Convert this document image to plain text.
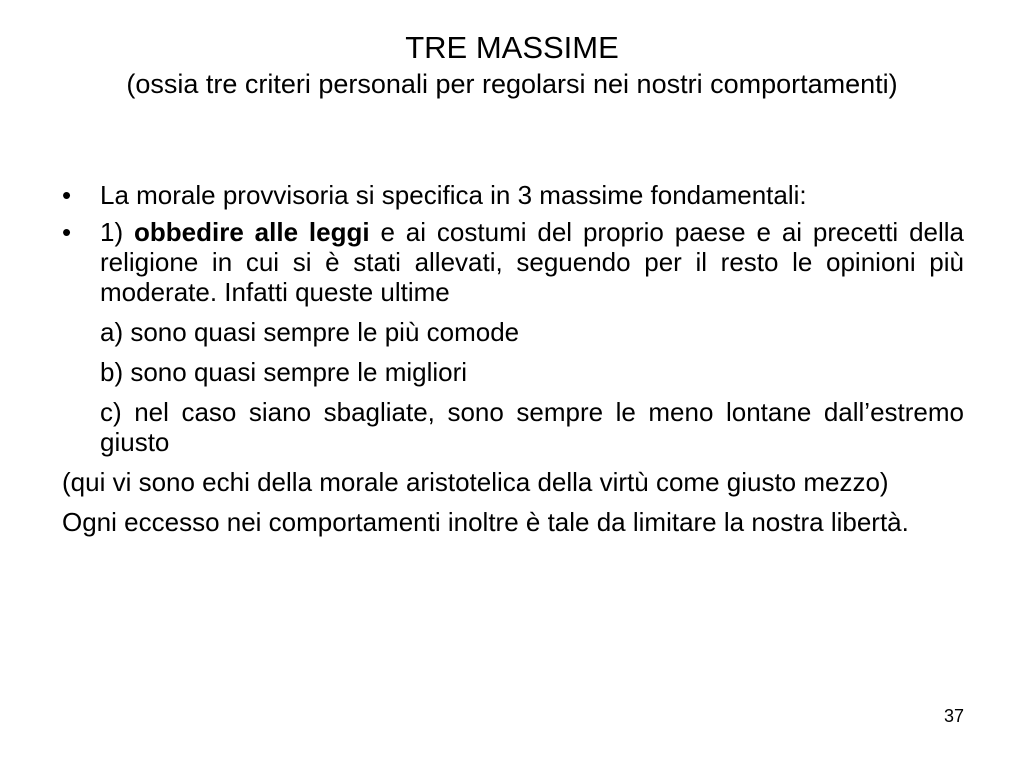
TRE MASSIME
(ossia tre criteri personali per regolarsi nei nostri comportamenti)
•	La morale provvisoria si specifica in 3 massime fondamentali:
•	1) obbedire alle leggi e ai costumi del proprio paese e ai precetti della religione in cui si è stati allevati, seguendo per il resto le opinioni più moderate. Infatti queste ultime
a) sono quasi sempre le più comode
b) sono quasi sempre le migliori
c) nel caso siano sbagliate, sono sempre le meno lontane dall’estremo giusto
(qui vi sono echi della morale aristotelica della virtù come giusto mezzo)
Ogni eccesso nei comportamenti inoltre è tale da limitare la nostra libertà.
37
